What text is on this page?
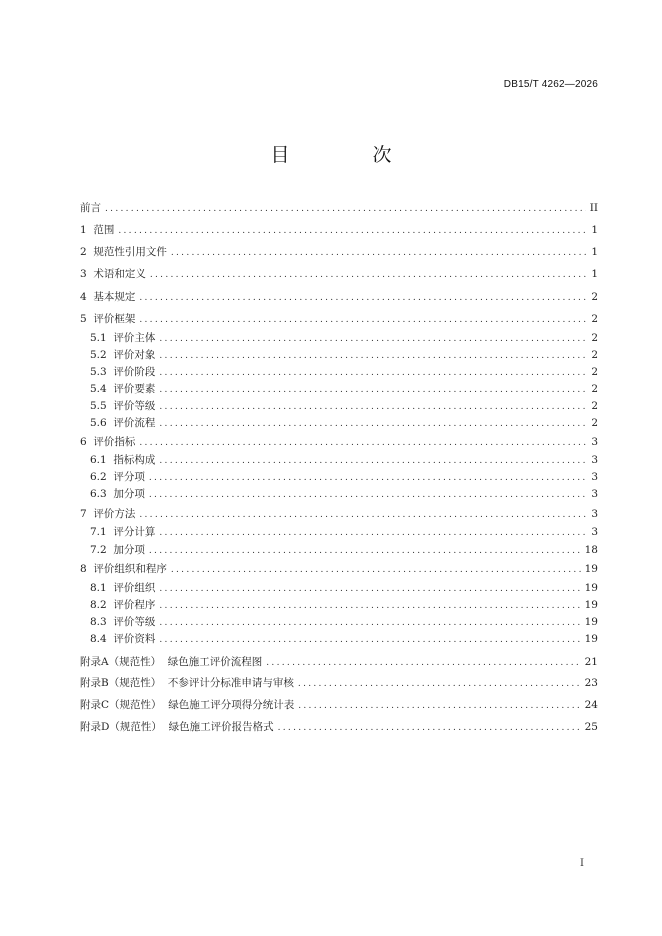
DB15/T 4262—2026
目　次
前言 .....	II
1 范围 .....	1
2 规范性引用文件 .....	1
3 术语和定义 .....	1
4 基本规定 .....	2
5 评价框架 .....	2
5.1 评价主体 .....	2
5.2 评价对象 .....	2
5.3 评价阶段 .....	2
5.4 评价要素 .....	2
5.5 评价等级 .....	2
5.6 评价流程 .....	2
6 评价指标 .....	3
6.1 指标构成 .....	3
6.2 评分项 .....	3
6.3 加分项 .....	3
7 评价方法 .....	3
7.1 评分计算 .....	3
7.2 加分项 .....	18
8 评价组织和程序 .....	19
8.1 评价组织 .....	19
8.2 评价程序 .....	19
8.3 评价等级 .....	19
8.4 评价资料 .....	19
附录A（规范性） 绿色施工评价流程图 .....	21
附录B（规范性） 不参评计分标准申请与审核 .....	23
附录C（规范性） 绿色施工评分项得分统计表 .....	24
附录D（规范性） 绿色施工评价报告格式 .....	25
I
